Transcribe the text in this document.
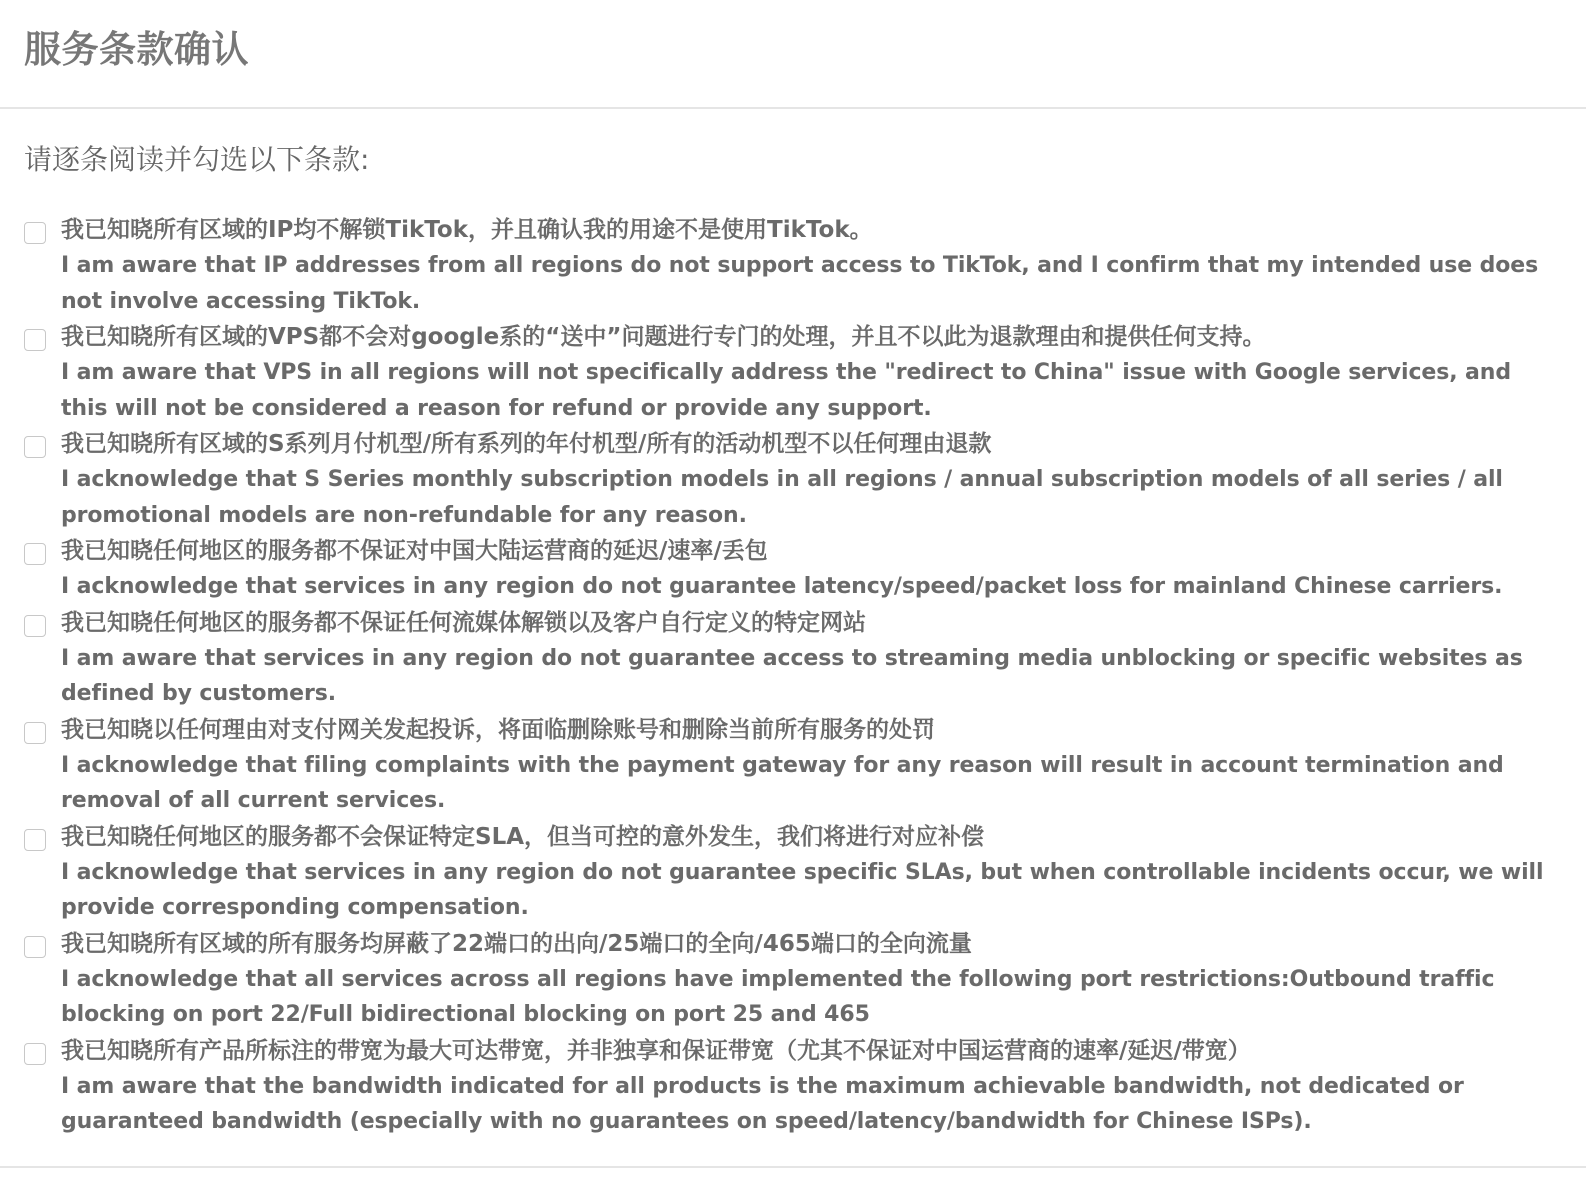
服务条款确认
请逐条阅读并勾选以下条款:
我已知晓所有区域的IP均不解锁TikTok，并且确认我的用途不是使用TikTok。
I am aware that IP addresses from all regions do not support access to TikTok, and I confirm that my intended use does not involve accessing TikTok.
我已知晓所有区域的VPS都不会对google系的“送中”问题进行专门的处理，并且不以此为退款理由和提供任何支持。
I am aware that VPS in all regions will not specifically address the "redirect to China" issue with Google services, and this will not be considered a reason for refund or provide any support.
我已知晓所有区域的S系列月付机型/所有系列的年付机型/所有的活动机型不以任何理由退款
I acknowledge that S Series monthly subscription models in all regions / annual subscription models of all series / all promotional models are non-refundable for any reason.
我已知晓任何地区的服务都不保证对中国大陆运营商的延迟/速率/丢包
I acknowledge that services in any region do not guarantee latency/speed/packet loss for mainland Chinese carriers.
我已知晓任何地区的服务都不保证任何流媒体解锁以及客户自行定义的特定网站
I am aware that services in any region do not guarantee access to streaming media unblocking or specific websites as defined by customers.
我已知晓以任何理由对支付网关发起投诉，将面临删除账号和删除当前所有服务的处罚
I acknowledge that filing complaints with the payment gateway for any reason will result in account termination and removal of all current services.
我已知晓任何地区的服务都不会保证特定SLA，但当可控的意外发生，我们将进行对应补偿
I acknowledge that services in any region do not guarantee specific SLAs, but when controllable incidents occur, we will provide corresponding compensation.
我已知晓所有区域的所有服务均屏蔽了22端口的出向/25端口的全向/465端口的全向流量
I acknowledge that all services across all regions have implemented the following port restrictions:Outbound traffic blocking on port 22/Full bidirectional blocking on port 25 and 465
我已知晓所有产品所标注的带宽为最大可达带宽，并非独享和保证带宽（尤其不保证对中国运营商的速率/延迟/带宽）
I am aware that the bandwidth indicated for all products is the maximum achievable bandwidth, not dedicated or guaranteed bandwidth (especially with no guarantees on speed/latency/bandwidth for Chinese ISPs).
